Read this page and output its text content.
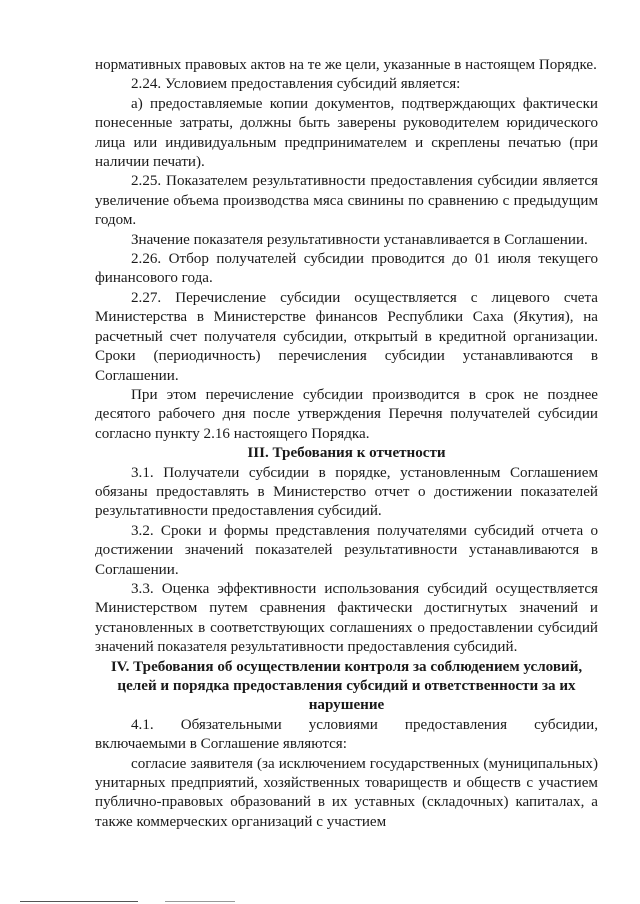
нормативных правовых актов на те же цели, указанные в настоящем Порядке.

2.24. Условием предоставления субсидий является:

а) предоставляемые копии документов, подтверждающих фактически понесенные затраты, должны быть заверены руководителем юридического лица или индивидуальным предпринимателем и скреплены печатью (при наличии печати).

2.25. Показателем результативности предоставления субсидии является увеличение объема производства мяса свинины по сравнению с предыдущим годом.

Значение показателя результативности устанавливается в Соглашении.

2.26. Отбор получателей субсидии проводится до 01 июля текущего финансового года.

2.27. Перечисление субсидии осуществляется с лицевого счета Министерства в Министерстве финансов Республики Саха (Якутия), на расчетный счет получателя субсидии, открытый в кредитной организации. Сроки (периодичность) перечисления субсидии устанавливаются в Соглашении.

При этом перечисление субсидии производится в срок не позднее десятого рабочего дня после утверждения Перечня получателей субсидии согласно пункту 2.16 настоящего Порядка.

III. Требования к отчетности

3.1. Получатели субсидии в порядке, установленным Соглашением обязаны предоставлять в Министерство отчет о достижении показателей результативности предоставления субсидий.

3.2. Сроки и формы представления получателями субсидий отчета о достижении значений показателей результативности устанавливаются в Соглашении.

3.3. Оценка эффективности использования субсидий осуществляется Министерством путем сравнения фактически достигнутых значений и установленных в соответствующих соглашениях о предоставлении субсидий значений показателя результативности предоставления субсидий.

IV. Требования об осуществлении контроля за соблюдением условий, целей и порядка предоставления субсидий и ответственности за их нарушение

4.1. Обязательными условиями предоставления субсидии, включаемыми в Соглашение являются:

согласие заявителя (за исключением государственных (муниципальных) унитарных предприятий, хозяйственных товариществ и обществ с участием публично-правовых образований в их уставных (складочных) капиталах, а также коммерческих организаций с участием
